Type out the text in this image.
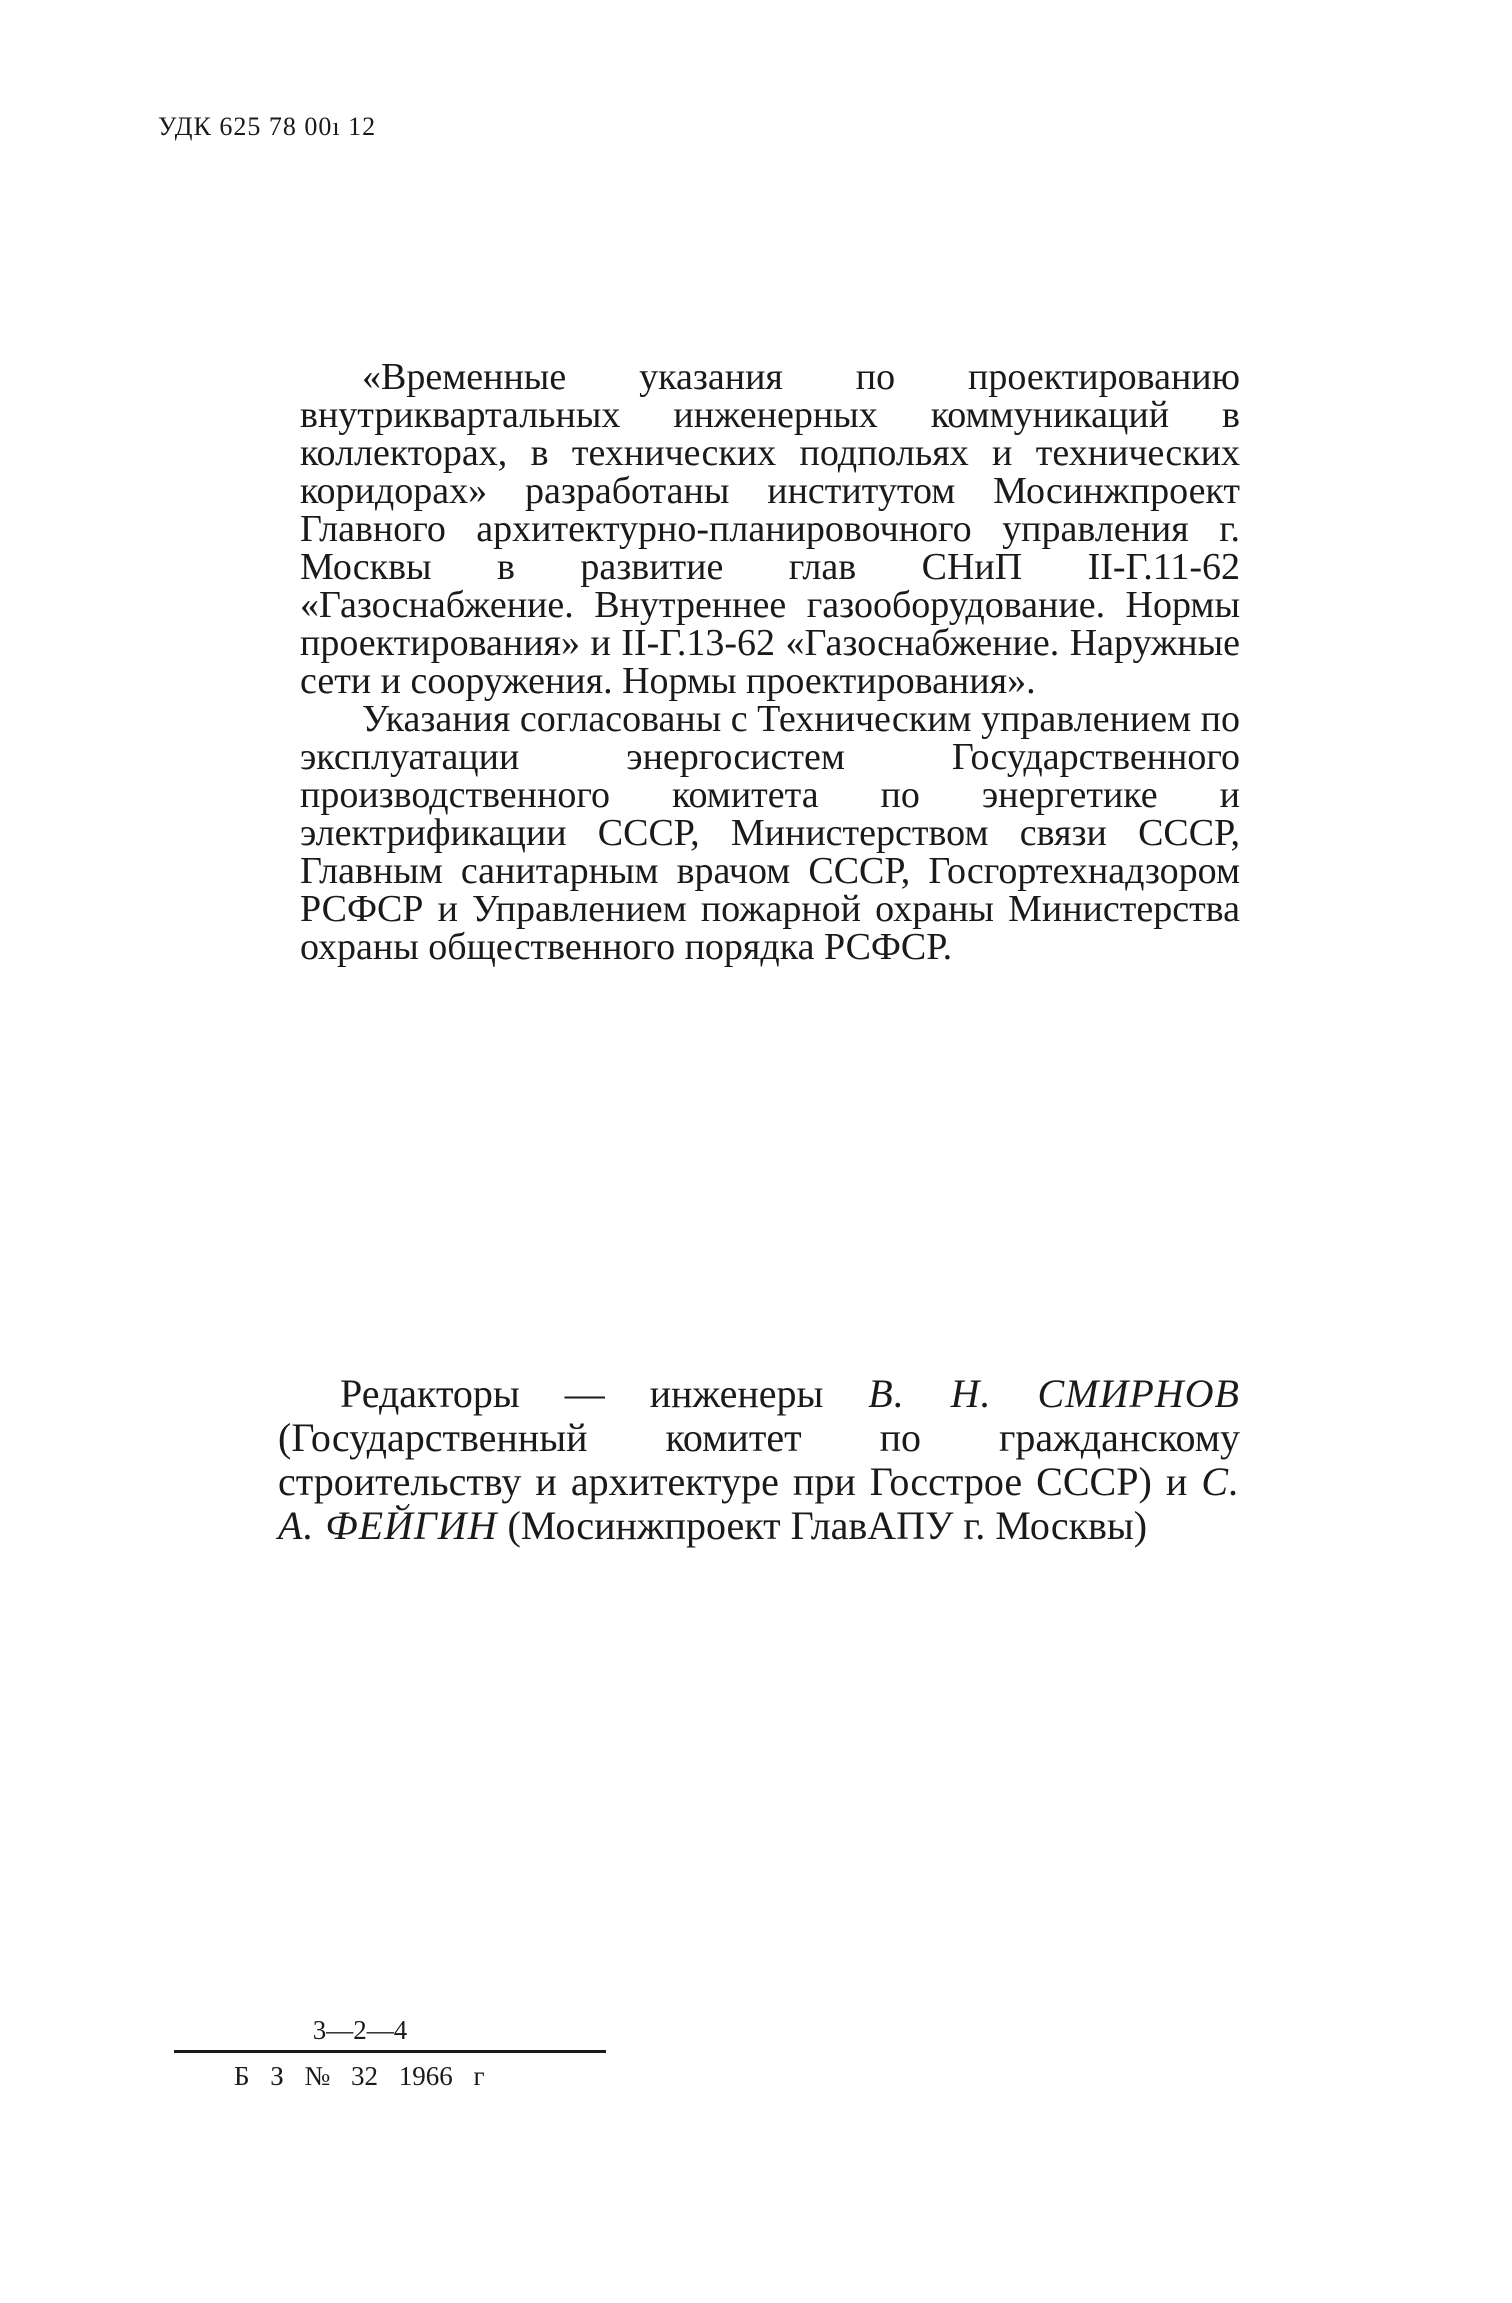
УДК 625 78 00ı 12

«Временные указания по проектированию внутриквартальных инженерных коммуникаций в коллекторах, в технических подпольях и технических коридорах» разработаны институтом Мосинжпроект Главного архитектурно-планировочного управления г. Москвы в развитие глав СНиП II-Г.11-62 «Газоснабжение. Внутреннее газооборудование. Нормы проектирования» и II-Г.13-62 «Газоснабжение. Наружные сети и сооружения. Нормы проектирования».

Указания согласованы с Техническим управлением по эксплуатации энергосистем Государственного производственного комитета по энергетике и электрификации СССР, Министерством связи СССР, Главным санитарным врачом СССР, Госгортехнадзором РСФСР и Управлением пожарной охраны Министерства охраны общественного порядка РСФСР.

Редакторы — инженеры В. Н. СМИРНОВ (Государственный комитет по гражданскому строительству и архитектуре при Госстрое СССР) и С. А. ФЕЙГИН (Мосинжпроект ГлавАПУ г. Москвы)

3—2—4
Б З № 32 1966 г
